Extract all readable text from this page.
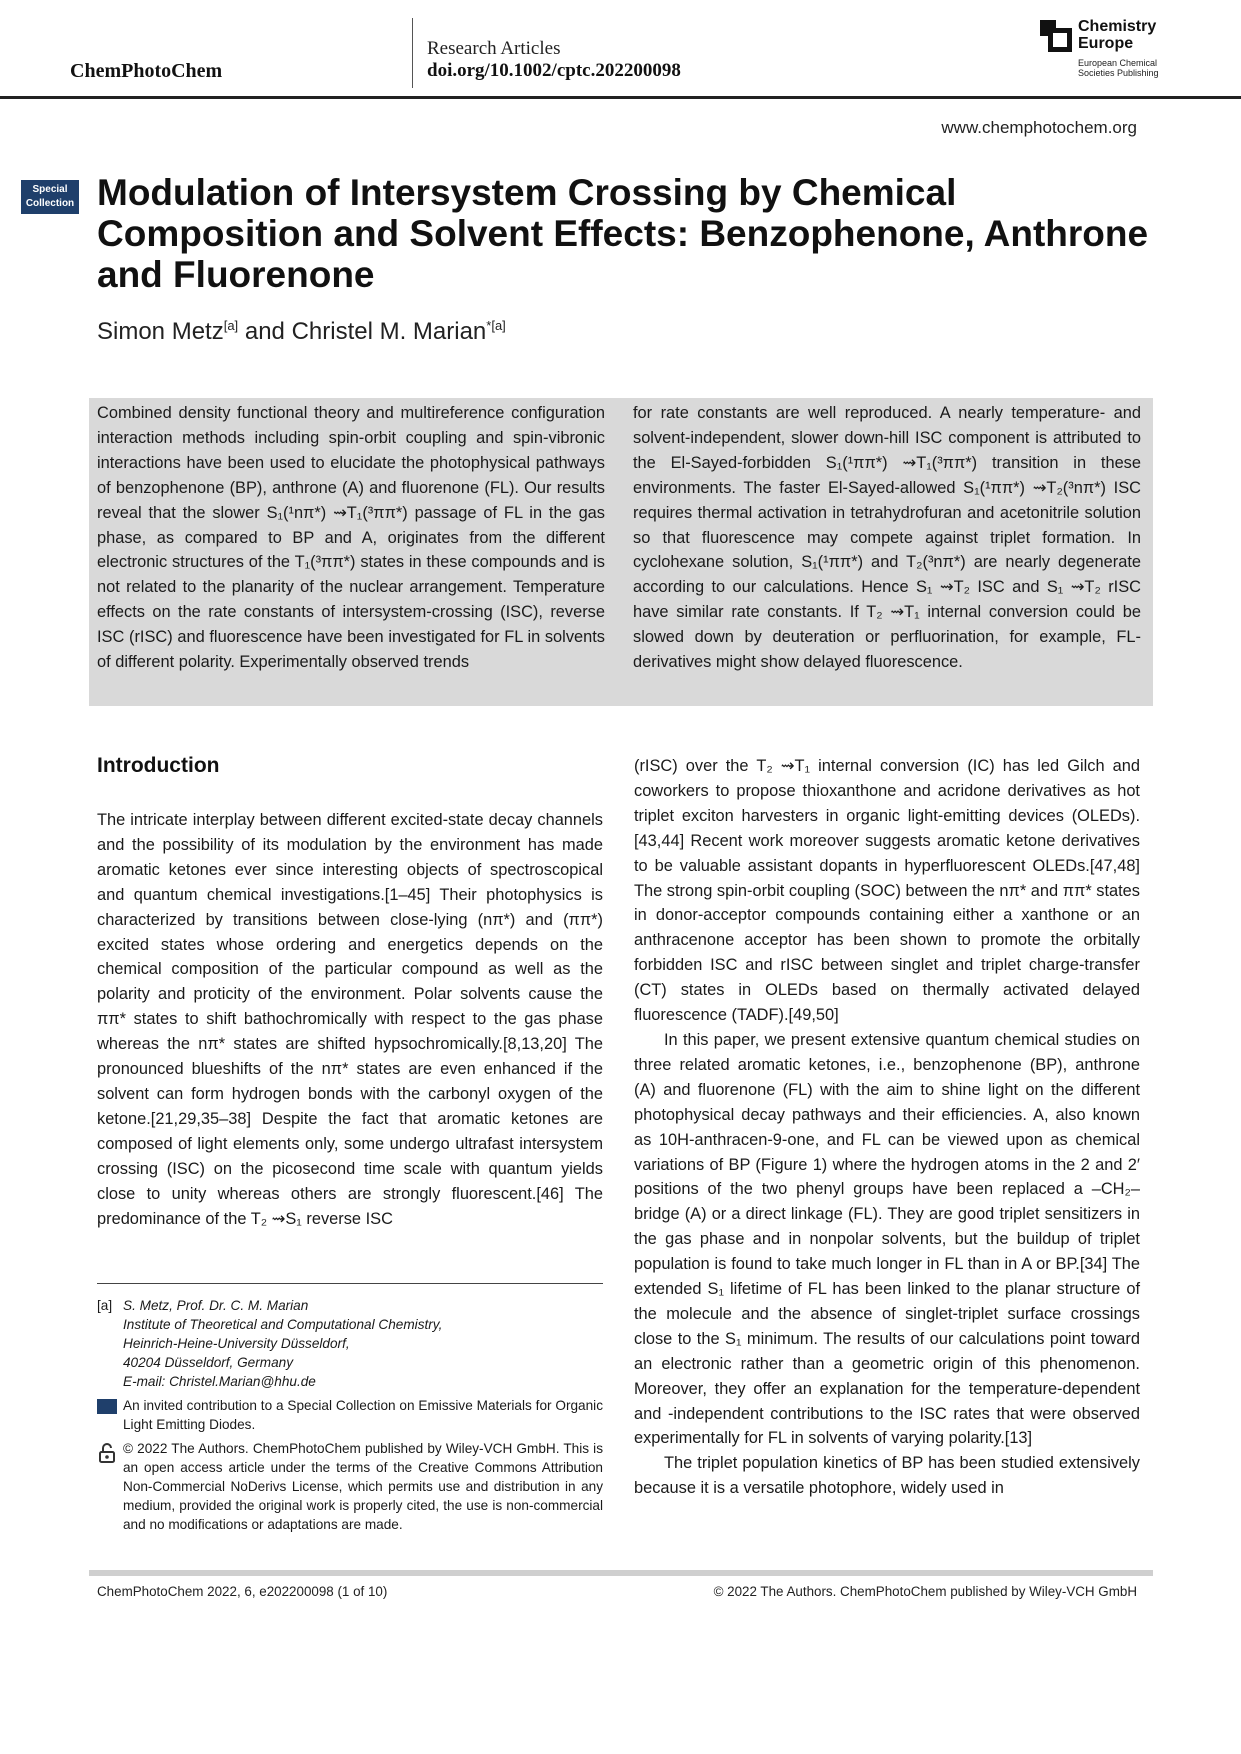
ChemPhotoChem
Research Articles
doi.org/10.1002/cptc.202200098
Chemistry
Europe
European Chemical
Societies Publishing
www.chemphotochem.org
Special
Collection Modulation of Intersystem Crossing by Chemical Composition and Solvent Effects: Benzophenone, Anthrone and Fluorenone
Simon Metz[a] and Christel M. Marian$^{*[a]}$

Combined density functional theory and multireference configuration interaction methods including spin-orbit coupling and spin-vibronic interactions have been used to elucidate the photophysical pathways of benzophenone (BP), anthrone (A) and fluorenone (FL). Our results reveal that the slower S₁(¹nπ*) ⇝T₁(³ππ*) passage of FL in the gas phase, as compared to BP and A, originates from the different electronic structures of the T₁(³ππ*) states in these compounds and is not related to the planarity of the nuclear arrangement. Temperature effects on the rate constants of intersystem-crossing (ISC), reverse ISC (rISC) and fluorescence have been investigated for FL in solvents of different polarity. Experimentally observed trends

for rate constants are well reproduced. A nearly temperature- and solvent-independent, slower down-hill ISC component is attributed to the El-Sayed-forbidden S₁(¹ππ*) ⇝T₁(³ππ*) transition in these environments. The faster El-Sayed-allowed S₁(¹ππ*) ⇝T₂(³nπ*) ISC requires thermal activation in tetrahydrofuran and acetonitrile solution so that fluorescence may compete against triplet formation. In cyclohexane solution, S₁(¹ππ*) and T₂(³nπ*) are nearly degenerate according to our calculations. Hence S₁ ⇝T₂ ISC and S₁ ⇝T₂ rISC have similar rate constants. If T₂ ⇝T₁ internal conversion could be slowed down by deuteration or perfluorination, for example, FL-derivatives might show delayed fluorescence.

Introduction

The intricate interplay between different excited-state decay channels and the possibility of its modulation by the environment has made aromatic ketones ever since interesting objects of spectroscopical and quantum chemical investigations.[1–45] Their photophysics is characterized by transitions between close-lying (nπ*) and (ππ*) excited states whose ordering and energetics depends on the chemical composition of the particular compound as well as the polarity and proticity of the environment. Polar solvents cause the ππ* states to shift bathochromically with respect to the gas phase whereas the nπ* states are shifted hypsochromically.[8,13,20] The pronounced blueshifts of the nπ* states are even enhanced if the solvent can form hydrogen bonds with the carbonyl oxygen of the ketone.[21,29,35–38] Despite the fact that aromatic ketones are composed of light elements only, some undergo ultrafast intersystem crossing (ISC) on the picosecond time scale with quantum yields close to unity whereas others are strongly fluorescent.[46] The predominance of the T₂ ⇝S₁ reverse ISC

(rISC) over the T₂ ⇝T₁ internal conversion (IC) has led Gilch and coworkers to propose thioxanthone and acridone derivatives as hot triplet exciton harvesters in organic light-emitting devices (OLEDs).[43,44] Recent work moreover suggests aromatic ketone derivatives to be valuable assistant dopants in hyperfluorescent OLEDs.[47,48] The strong spin-orbit coupling (SOC) between the nπ* and ππ* states in donor-acceptor compounds containing either a xanthone or an anthracenone acceptor has been shown to promote the orbitally forbidden ISC and rISC between singlet and triplet charge-transfer (CT) states in OLEDs based on thermally activated delayed fluorescence (TADF).[49,50]

In this paper, we present extensive quantum chemical studies on three related aromatic ketones, i.e., benzophenone (BP), anthrone (A) and fluorenone (FL) with the aim to shine light on the different photophysical decay pathways and their efficiencies. A, also known as 10H-anthracen-9-one, and FL can be viewed upon as chemical variations of BP (Figure 1) where the hydrogen atoms in the 2 and 2′ positions of the two phenyl groups have been replaced a –CH₂– bridge (A) or a direct linkage (FL). They are good triplet sensitizers in the gas phase and in nonpolar solvents, but the buildup of triplet population is found to take much longer in FL than in A or BP.[34] The extended S₁ lifetime of FL has been linked to the planar structure of the molecule and the absence of singlet-triplet surface crossings close to the S₁ minimum. The results of our calculations point toward an electronic rather than a geometric origin of this phenomenon. Moreover, they offer an explanation for the temperature-dependent and -independent contributions to the ISC rates that were observed experimentally for FL in solvents of varying polarity.[13]

The triplet population kinetics of BP has been studied extensively because it is a versatile photophore, widely used in

[a] S. Metz, Prof. Dr. C. M. Marian
Institute of Theoretical and Computational Chemistry,
Heinrich-Heine-University Düsseldorf,
40204 Düsseldorf, Germany
E-mail: Christel.Marian@hhu.de
An invited contribution to a Special Collection on Emissive Materials for Organic Light Emitting Diodes.
© 2022 The Authors. ChemPhotoChem published by Wiley-VCH GmbH. This is an open access article under the terms of the Creative Commons Attribution Non-Commercial NoDerivs License, which permits use and distribution in any medium, provided the original work is properly cited, the use is non-commercial and no modifications or adaptations are made.
ChemPhotoChem 2022, 6, e202200098 (1 of 10)	© 2022 The Authors. ChemPhotoChem published by Wiley-VCH GmbH
